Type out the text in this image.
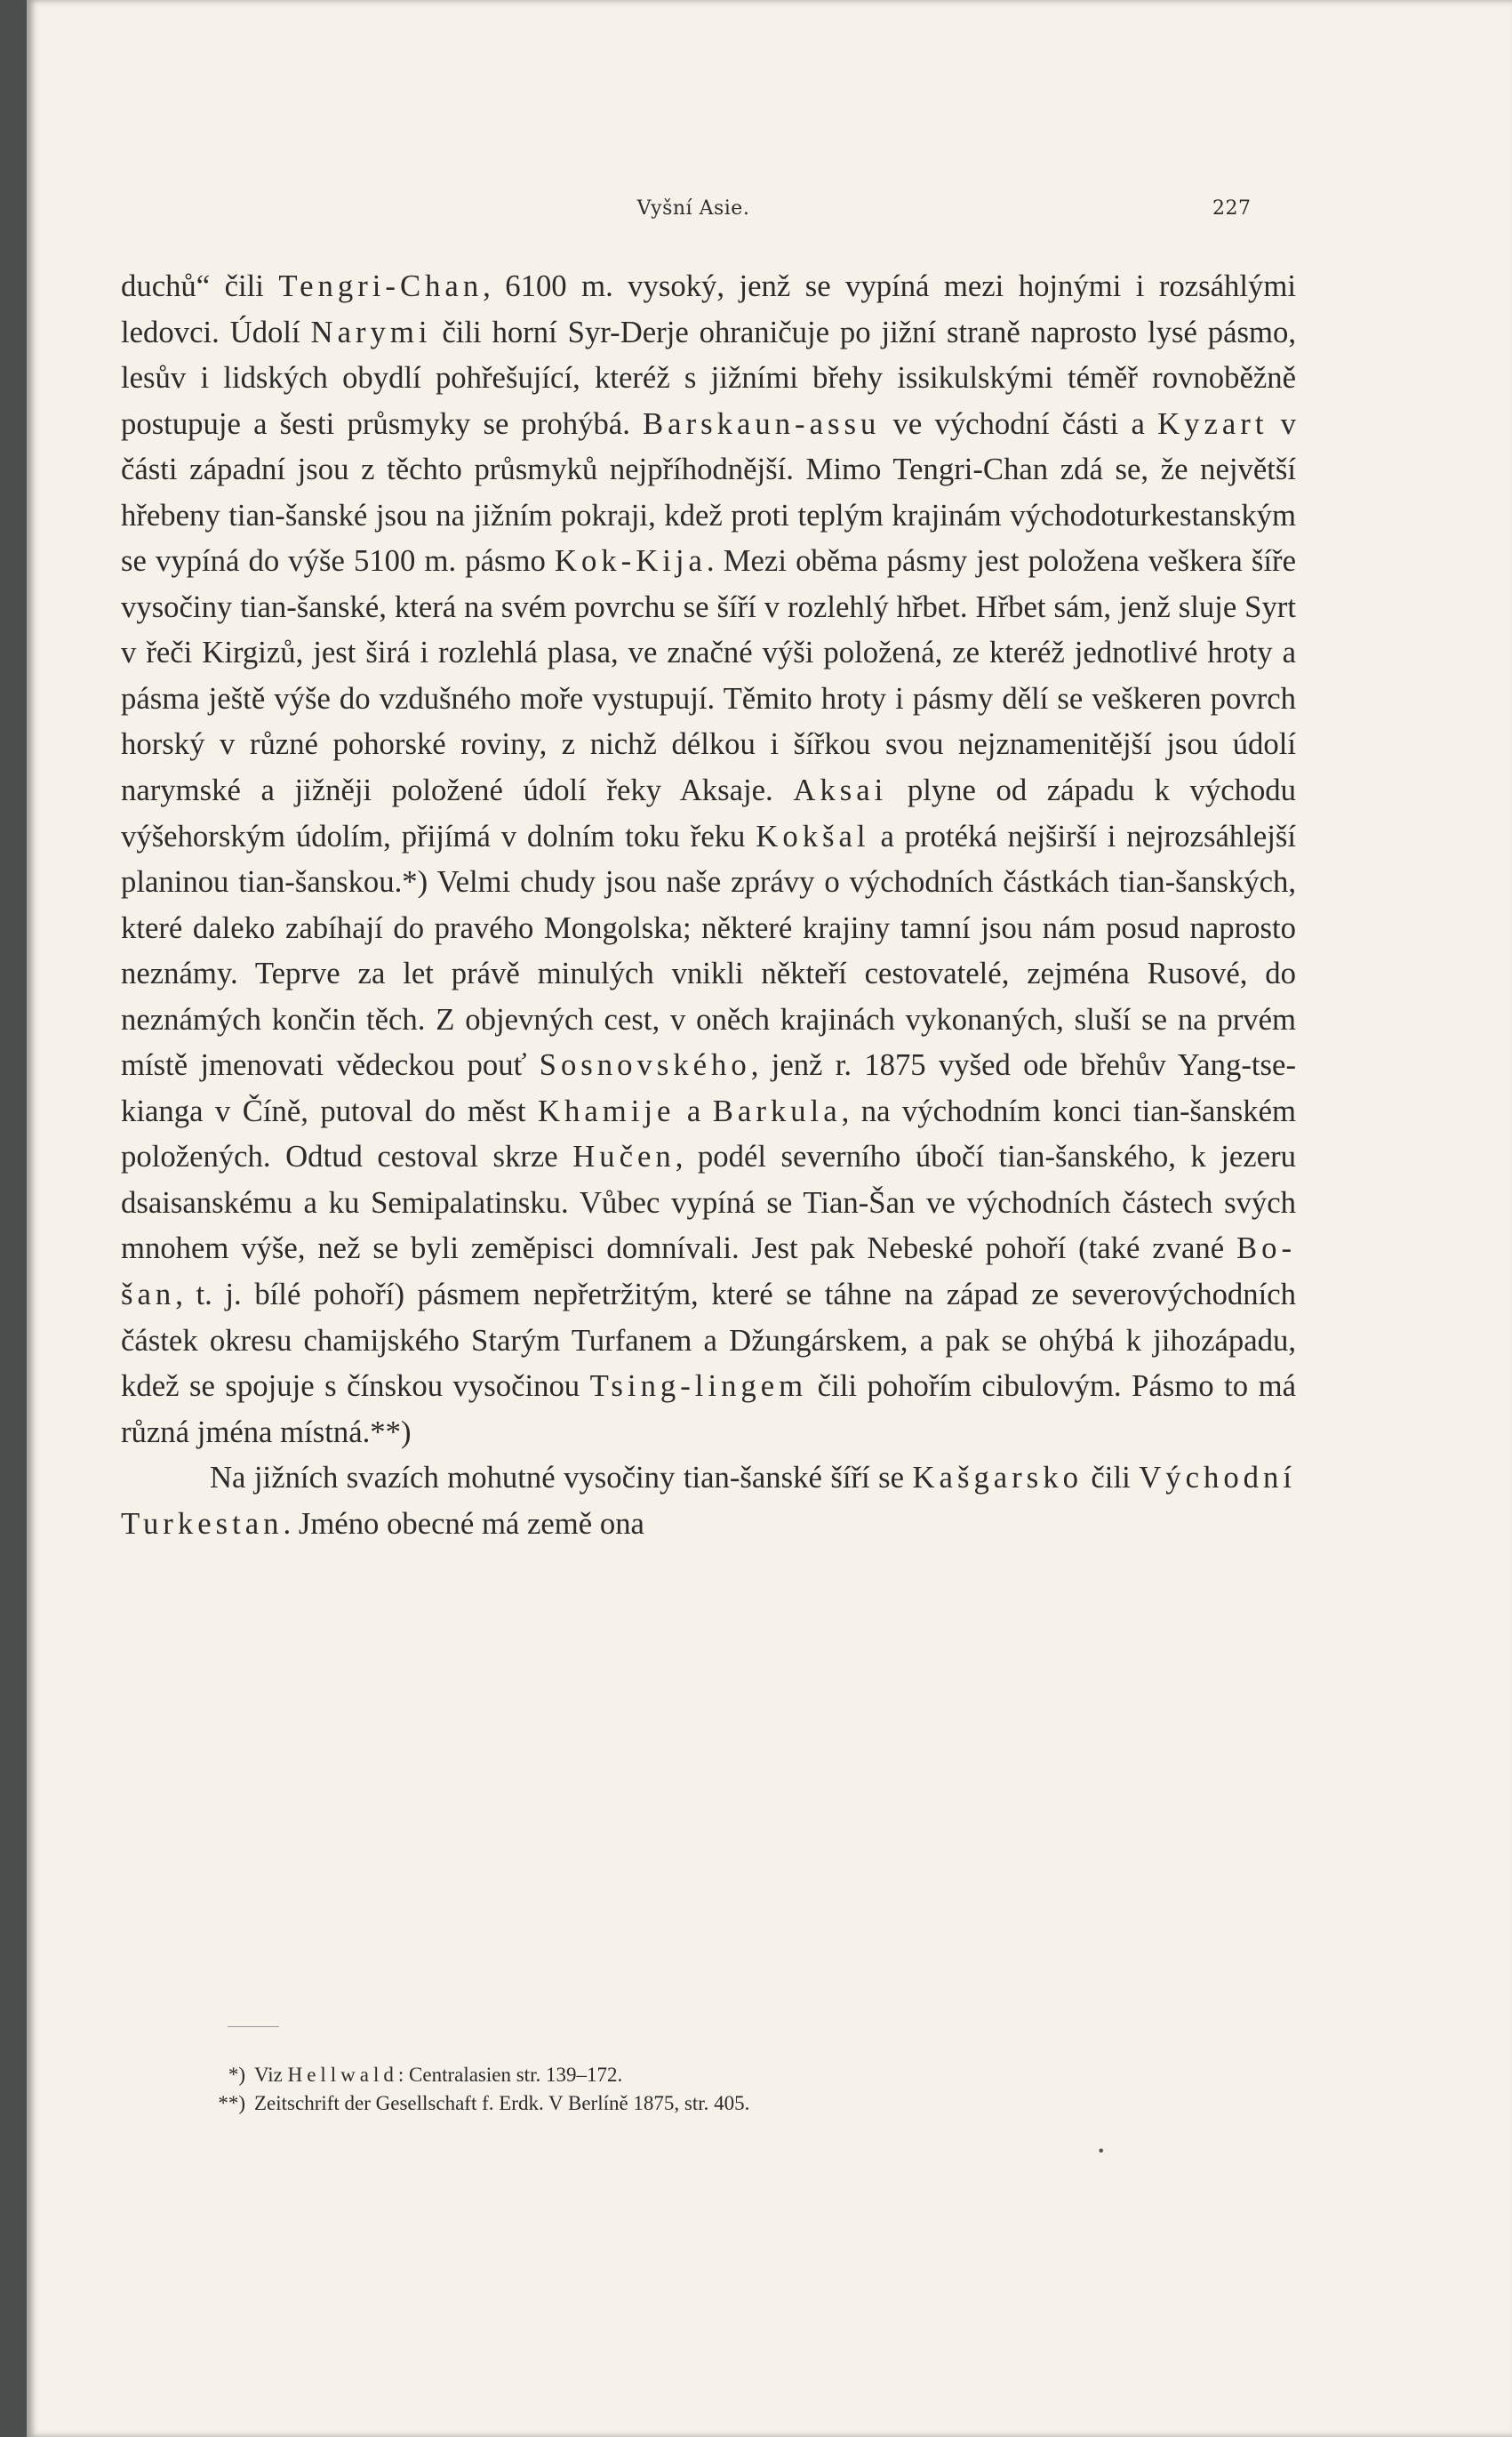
Vyšní Asie.	227

duchů“ čili Tengri-Chan, 6100 m. vysoký, jenž se vypíná mezi hojnými i rozsáhlými ledovci. Údolí Narymi čili horní Syr-Derje ohraničuje po jižní straně naprosto lysé pásmo, lesův i lidských obydlí pohřešující, kteréž s jižními břehy issikulskými téměř rovnoběžně postupuje a šesti průsmyky se prohýbá. Barskaun-assu ve východní části a Kyzart v části západní jsou z těchto průsmyků nejpříhodnější. Mimo Tengri-Chan zdá se, že největší hřebeny tian-šanské jsou na jižním pokraji, kdež proti teplým krajinám východoturkestanským se vypíná do výše 5100 m. pásmo Kok-Kija. Mezi oběma pásmy jest položena veškera šíře vysočiny tian-šanské, která na svém povrchu se šíří v rozlehlý hřbet. Hřbet sám, jenž sluje Syrt v řeči Kirgizů, jest širá i rozlehlá plasa, ve značné výši položená, ze kteréž jednotlivé hroty a pásma ještě výše do vzdušného moře vystupují. Těmito hroty i pásmy dělí se veškeren povrch horský v různé pohorské roviny, z nichž délkou i šířkou svou nejznamenitější jsou údolí narymské a jižněji položené údolí řeky Aksaje. Aksai plyne od západu k východu výšehorským údolím, přijímá v dolním toku řeku Kokšal a protéká nejširší i nejrozsáhlejší planinou tian-šanskou.*) Velmi chudy jsou naše zprávy o východních částkách tian-šanských, které daleko zabíhají do pravého Mongolska; některé krajiny tamní jsou nám posud naprosto neznámy. Teprve za let právě minulých vnikli někteří cestovatelé, zejména Rusové, do neznámých končin těch. Z objevných cest, v oněch krajinách vykonaných, sluší se na prvém místě jmenovati vědeckou pouť Sosnovského, jenž r. 1875 vyšed ode břehův Yang-tse-kianga v Číně, putoval do měst Khamije a Barkula, na východním konci tian-šanském položených. Odtud cestoval skrze Hučen, podél severního úbočí tian-šanského, k jezeru dsaisanskému a ku Semipalatinsku. Vůbec vypíná se Tian-Šan ve východních částech svých mnohem výše, než se byli zeměpisci domnívali. Jest pak Nebeské pohoří (také zvané Bo-šan, t. j. bílé pohoří) pásmem nepřetržitým, které se táhne na západ ze severovýchodních částek okresu chamijského Starým Turfanem a Džungárskem, a pak se ohýbá k jihozápadu, kdež se spojuje s čínskou vysočinou Tsing-lingem čili pohořím cibulovým. Pásmo to má různá jména místná.**)

Na jižních svazích mohutné vysočiny tian-šanské šíří se Kašgarsko čili Východní Turkestan. Jméno obecné má země ona

*) Viz Hellwald: Centralasien str. 139–172.
**) Zeitschrift der Gesellschaft f. Erdk. V Berlíně 1875, str. 405.
•
